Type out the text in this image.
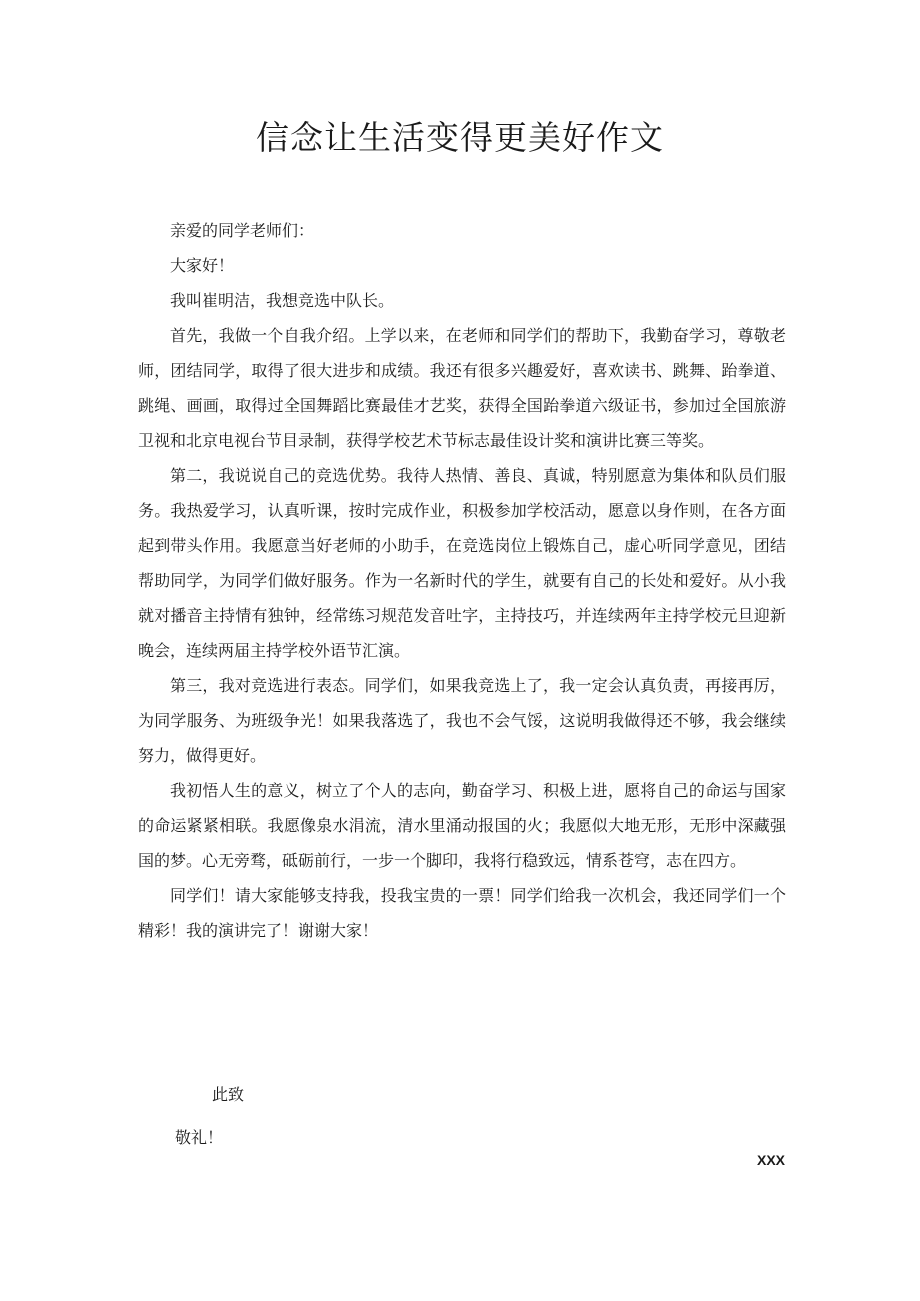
信念让生活变得更美好作文

亲爱的同学老师们：

大家好！

我叫崔明洁，我想竞选中队长。

首先，我做一个自我介绍。上学以来，在老师和同学们的帮助下，我勤奋学习，尊敬老师，团结同学，取得了很大进步和成绩。我还有很多兴趣爱好，喜欢读书、跳舞、跆拳道、跳绳、画画，取得过全国舞蹈比赛最佳才艺奖，获得全国跆拳道六级证书，参加过全国旅游卫视和北京电视台节目录制，获得学校艺术节标志最佳设计奖和演讲比赛三等奖。

第二，我说说自己的竞选优势。我待人热情、善良、真诚，特别愿意为集体和队员们服务。我热爱学习，认真听课，按时完成作业，积极参加学校活动，愿意以身作则，在各方面起到带头作用。我愿意当好老师的小助手，在竞选岗位上锻炼自己，虚心听同学意见，团结帮助同学，为同学们做好服务。作为一名新时代的学生，就要有自己的长处和爱好。从小我就对播音主持情有独钟，经常练习规范发音吐字，主持技巧，并连续两年主持学校元旦迎新晚会，连续两届主持学校外语节汇演。

第三，我对竞选进行表态。同学们，如果我竞选上了，我一定会认真负责，再接再厉，为同学服务、为班级争光！如果我落选了，我也不会气馁，这说明我做得还不够，我会继续努力，做得更好。

我初悟人生的意义，树立了个人的志向，勤奋学习、积极上进，愿将自己的命运与国家的命运紧紧相联。我愿像泉水涓流，清水里涌动报国的火；我愿似大地无形，无形中深藏强国的梦。心无旁骛，砥砺前行，一步一个脚印，我将行稳致远，情系苍穹，志在四方。

同学们！请大家能够支持我，投我宝贵的一票！同学们给我一次机会，我还同学们一个精彩！我的演讲完了！谢谢大家！

此致
敬礼！
XXX
